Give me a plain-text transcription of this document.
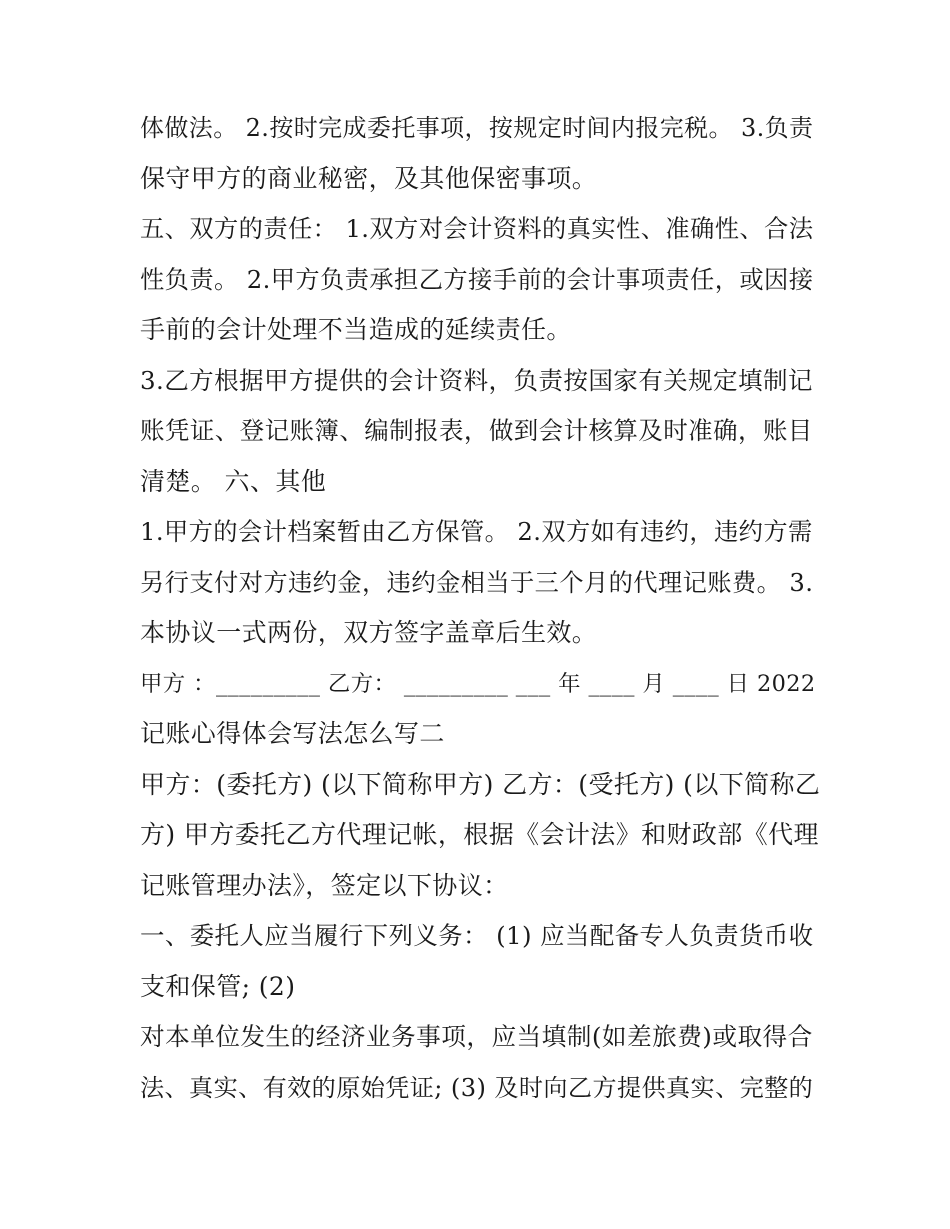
体做法。 2.按时完成委托事项，按规定时间内报完税。 3.负责
保守甲方的商业秘密，及其他保密事项。
五、双方的责任： 1.双方对会计资料的真实性、准确性、合法
性负责。 2.甲方负责承担乙方接手前的会计事项责任，或因接
手前的会计处理不当造成的延续责任。
3.乙方根据甲方提供的会计资料，负责按国家有关规定填制记
账凭证、登记账簿、编制报表，做到会计核算及时准确，账目
清楚。 六、其他
1.甲方的会计档案暂由乙方保管。 2.双方如有违约，违约方需
另行支付对方违约金，违约金相当于三个月的代理记账费。 3.
本协议一式两份，双方签字盖章后生效。
甲方 ：_________ 乙方： _________ ___ 年 ____ 月 ____ 日 2022
记账心得体会写法怎么写二
甲方：(委托方) (以下简称甲方) 乙方：(受托方) (以下简称乙
方) 甲方委托乙方代理记帐，根据《会计法》和财政部《代理
记账管理办法》，签定以下协议：
一、委托人应当履行下列义务： (1) 应当配备专人负责货币收
支和保管; (2)
对本单位发生的经济业务事项，应当填制(如差旅费)或取得合
法、真实、有效的原始凭证; (3) 及时向乙方提供真实、完整的
